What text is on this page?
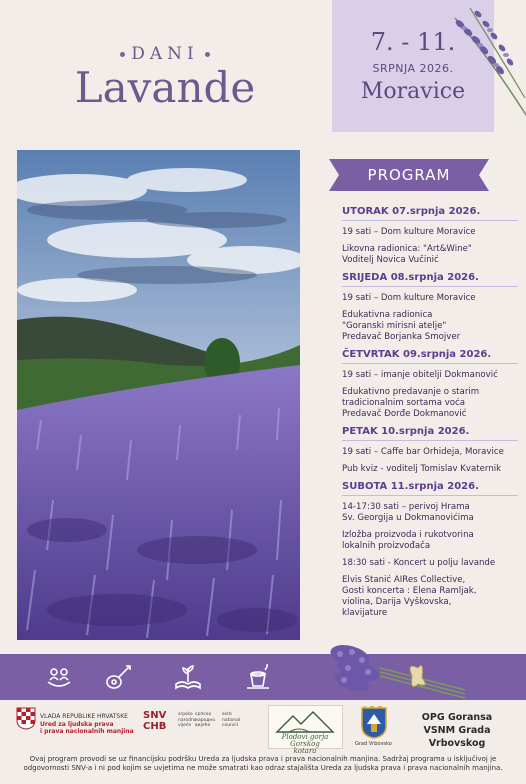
DANI
Lavande
7. - 11.
SRPNJA 2026.
Moravice
PROGRAM
UTORAK 07.srpnja 2026.
19 sati – Dom kulture Moravice
Likovna radionica: "Art&Wine"
Voditelj Novica Vučinić
SRIJEDA 08.srpnja 2026.
19 sati – Dom kulture Moravice
Edukativna radionica
"Goranski mirisni atelje"
Predavač Borjanka Smojver
ČETVRTAK 09.srpnja 2026.
19 sati – imanje obitelji Dokmanović
Edukativno predavanje o starim
tradicionalnim sortama voća
Predavač Đorđe Dokmanović
PETAK 10.srpnja 2026.
19 sati – Caffe bar Orhideja, Moravice
Pub kviz - voditelj Tomislav Kvaternik
SUBOTA 11.srpnja 2026.
14-17:30 sati – perivoj Hrama
Sv. Georgija u Dokmanovićima
Izložba proizvoda i rukotvorina
lokalnih proizvođača
18:30 sati - Koncert u polju lavande
Elvis Stanić AIRes Collective,
Gosti koncerta : Elena Ramljak,
violina, Darija Vyškovska,
klavijature
VLADA REPUBLIKE HRVATSKE
Ured za ljudska prava
i prava nacionalnih manjina
SNV
CHB
srpsko
narodno
vijeće
српско
народно
вијеће
serb
national
council
Plodovi gorja
Gorskog kotara
Grad Vrbovsko
OPG Goransa
VSNM Grada Vrbovskog
Ovaj program provodi se uz financijsku podršku Ureda za ljudska prava i prava nacionalnih manjina. Sadržaj programa u isključivoj je odgovornosti SNV-a i ni pod kojim se uvjetima ne može smatrati kao odraz stajališta Ureda za ljudska prava i prava nacionalnih manjina.
